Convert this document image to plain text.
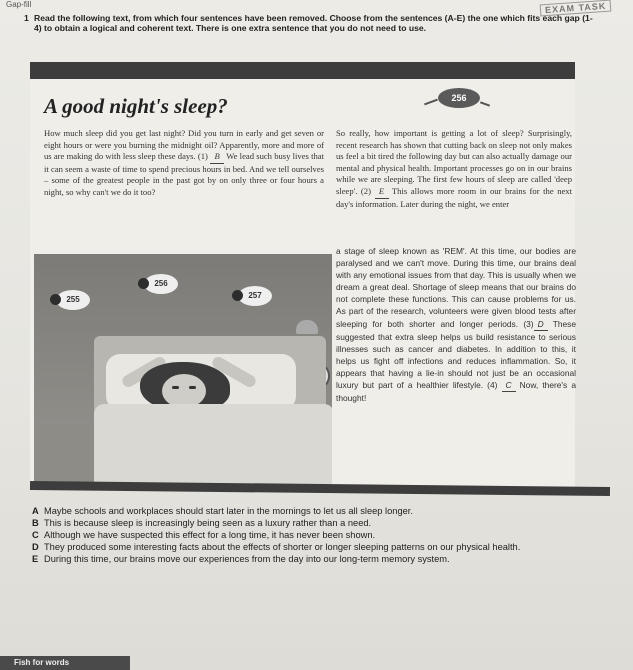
Gap-fill	EXAM TASK
1 Read the following text, from which four sentences have been removed. Choose from the sentences (A-E) the one which fits each gap (1-4) to obtain a logical and coherent text. There is one extra sentence that you do not need to use.
A good night's sleep?	256
How much sleep did you get last night? Did you turn in early and get seven or eight hours or were you burning the midnight oil? Apparently, more and more of us are making do with less sleep these days. (1) B We lead such busy lives that it can seem a waste of time to spend precious hours in bed. And we tell ourselves – some of the greatest people in the past got by on only three or four hours a night, so why can't we do it too?
So really, how important is getting a lot of sleep? Surprisingly, recent research has shown that cutting back on sleep not only makes us feel a bit tired the following day but can also actually damage our mental and physical health. Important processes go on in our brains while we are sleeping. The first few hours of sleep are called 'deep sleep'. (2) E This allows more room in our brains for the next day's information. Later during the night, we enter
256
255	257
a stage of sleep known as 'REM'. At this time, our bodies are paralysed and we can't move. During this time, our brains deal with any emotional issues from that day. This is usually when we dream a great deal. Shortage of sleep means that our brains do not complete these functions. This can cause problems for us. As part of the research, volunteers were given blood tests after sleeping for both shorter and longer periods. (3) D These suggested that extra sleep helps us build resistance to serious illnesses such as cancer and diabetes. In addition to this, it helps us fight off infections and reduces inflammation. So, it appears that having a lie-in should not just be an occasional luxury but part of a healthier lifestyle. (4) C Now, there's a thought!
A Maybe schools and workplaces should start later in the mornings to let us all sleep longer.
B This is because sleep is increasingly being seen as a luxury rather than a need.
C Although we have suspected this effect for a long time, it has never been shown.
D They produced some interesting facts about the effects of shorter or longer sleeping patterns on our physical health.
E During this time, our brains move our experiences from the day into our long-term memory system.
Fish for words
